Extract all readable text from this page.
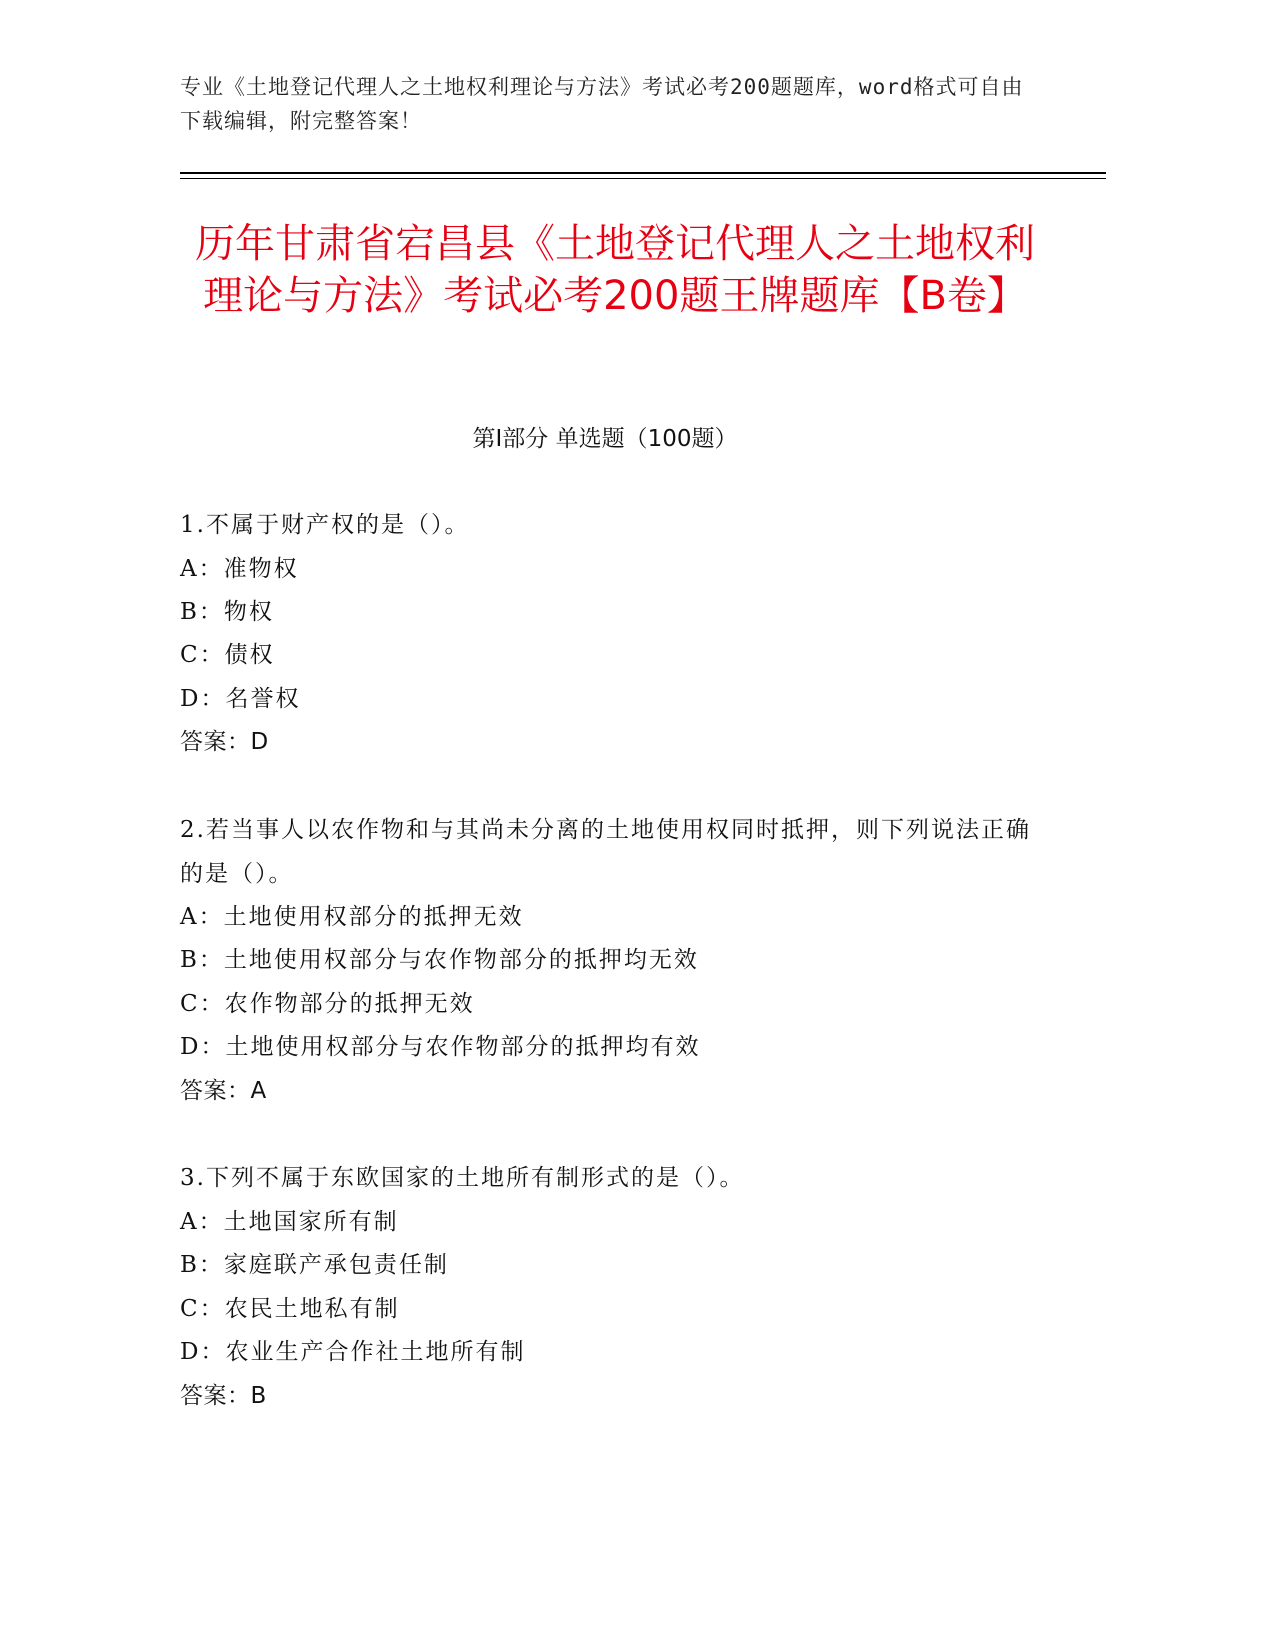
专业《土地登记代理人之土地权利理论与方法》考试必考200题题库，word格式可自由下载编辑，附完整答案！
历年甘肃省宕昌县《土地登记代理人之土地权利理论与方法》考试必考200题王牌题库【B卷】
第I部分 单选题（100题）
1.不属于财产权的是（）。
A：准物权
B：物权
C：债权
D：名誉权
答案：D
2.若当事人以农作物和与其尚未分离的土地使用权同时抵押，则下列说法正确的是（）。
A：土地使用权部分的抵押无效
B：土地使用权部分与农作物部分的抵押均无效
C：农作物部分的抵押无效
D：土地使用权部分与农作物部分的抵押均有效
答案：A
3.下列不属于东欧国家的土地所有制形式的是（）。
A：土地国家所有制
B：家庭联产承包责任制
C：农民土地私有制
D：农业生产合作社土地所有制
答案：B
